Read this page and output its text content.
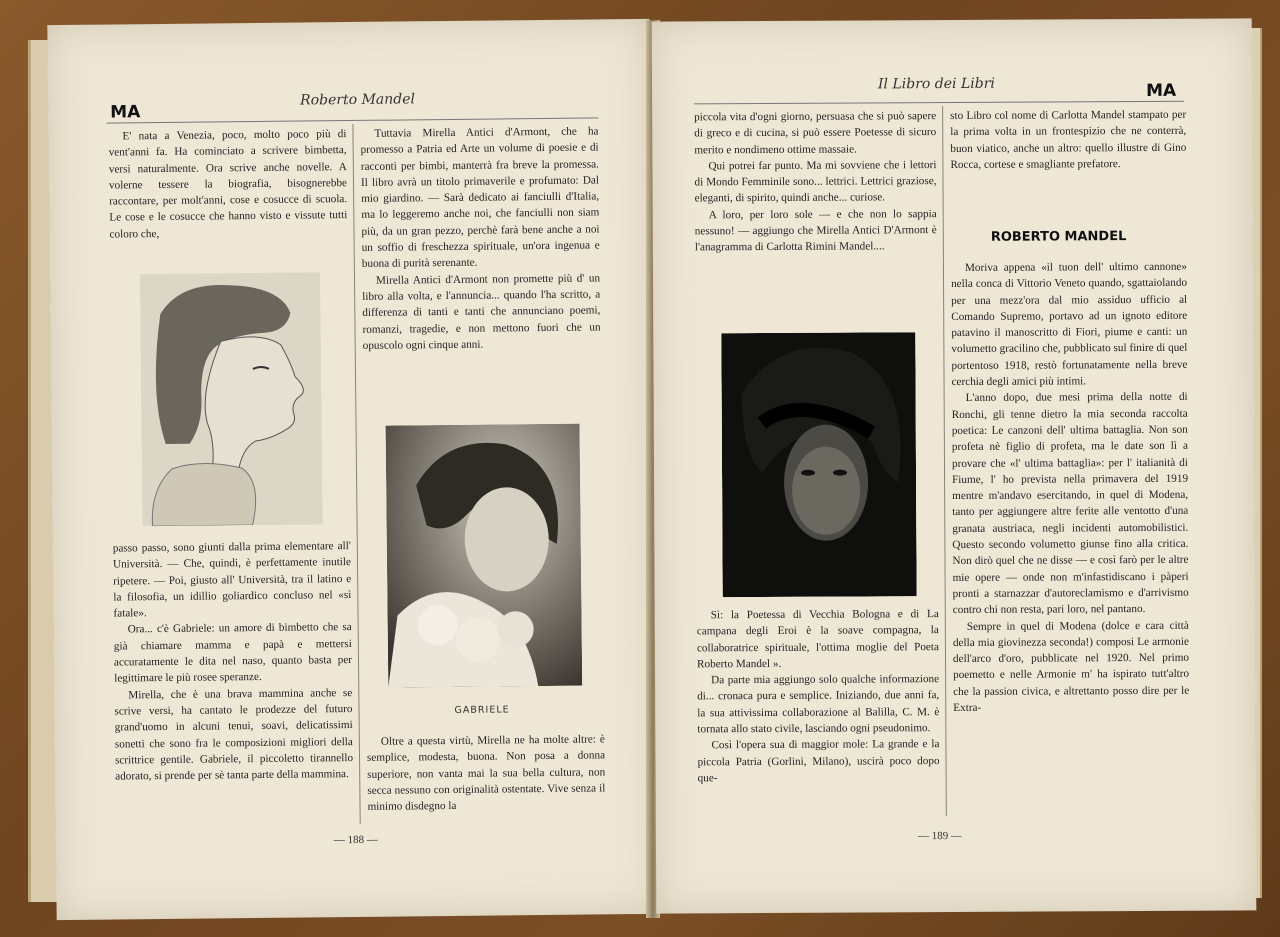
MA
Roberto Mandel

E' nata a Venezia, poco, molto poco più di vent'anni fa. Ha cominciato a scrivere bimbetta, versi naturalmente. Ora scrive anche novelle. A volerne tessere la biografia, bisognerebbe raccontare, per molt'anni, cose e cosucce di scuola. Le cose e le cosucce che hanno visto e vissute tutti coloro che,

passo passo, sono giunti dalla prima elementare all' Università. — Che, quindi, è perfettamente inutile ripetere. — Poi, giusto all' Università, tra il latino e la filosofia, un idillio goliardico concluso nel «sì fatale».

Ora... c'è Gabriele: un amore di bimbetto che sa già chiamare mamma e papà e mettersi accuratamente le dita nel naso, quanto basta per legittimare le più rosee speranze.

Mirella, che è una brava mammina anche se scrive versi, ha cantato le prodezze del futuro grand'uomo in alcuni tenui, soavi, delicatissimi sonetti che sono fra le composizioni migliori della scrittrice gentile. Gabriele, il piccoletto tirannello adorato, si prende per sè tanta parte della mammina.

Tuttavia Mirella Antici d'Armont, che ha promesso a Patria ed Arte un volume di poesie e di racconti per bimbi, manterrà fra breve la promessa. Il libro avrà un titolo primaverile e profumato: Dal mio giardino. — Sarà dedicato ai fanciulli d'Italia, ma lo leggeremo anche noi, che fanciulli non siam più, da un gran pezzo, perchè farà bene anche a noi un soffio di freschezza spirituale, un'ora ingenua e buona di purità serenante.

Mirella Antici d'Armont non promette più d' un libro alla volta, e l'annuncia... quando l'ha scritto, a differenza di tanti e tanti che annunciano poemi, romanzi, tragedie, e non mettono fuori che un opuscolo ogni cinque anni.

GABRIELE

Oltre a questa virtù, Mirella ne ha molte altre: è semplice, modesta, buona. Non posa a donna superiore, non vanta mai la sua bella cultura, non secca nessuno con originalità ostentate. Vive senza il minimo disdegno la

— 188 —
Il Libro dei Libri	MA

piccola vita d'ogni giorno, persuasa che si può sapere di greco e di cucina, si può essere Poetesse di sicuro merito e nondimeno ottime massaie.

Qui potrei far punto. Ma mi sovviene che i lettori di Mondo Femminile sono... lettrici. Lettrici graziose, eleganti, di spirito, quindi anche... curiose.

A loro, per loro sole — e che non lo sappia nessuno! — aggiungo che Mirella Antici D'Armont è l'anagramma di Carlotta Rimini Mandel....

Sì: la Poetessa di Vecchia Bologna e di La campana degli Eroi è la soave compagna, la collaboratrice spirituale, l'ottima moglie del Poeta Roberto Mandel ».

Da parte mia aggiungo solo qualche informazione di... cronaca pura e semplice. Iniziando, due anni fa, la sua attivissima collaborazione al Balilla, C. M. è tornata allo stato civile, lasciando ogni pseudonimo.

Così l'opera sua di maggior mole: La grande e la piccola Patria (Gorlini, Milano), uscirà poco dopo que-

sto Libro col nome di Carlotta Mandel stampato per la prima volta in un frontespizio che ne conterrà, buon viatico, anche un altro: quello illustre di Gino Rocca, cortese e smagliante prefatore.

ROBERTO MANDEL

Moriva appena «il tuon dell' ultimo cannone» nella conca di Vittorio Veneto quando, sgattaiolando per una mezz'ora dal mio assiduo ufficio al Comando Supremo, portavo ad un ignoto editore patavino il manoscritto di Fiori, piume e canti: un volumetto gracilino che, pubblicato sul finire di quel portentoso 1918, restò fortunatamente nella breve cerchia degli amici più intimi.

L'anno dopo, due mesi prima della notte di Ronchi, gli tenne dietro la mia seconda raccolta poetica: Le canzoni dell' ultima battaglia. Non son profeta nè figlio di profeta, ma le date son lì a provare che «l' ultima battaglia»: per l' italianità di Fiume, l' ho prevista nella primavera del 1919 mentre m'andavo esercitando, in quel di Modena, tanto per aggiungere altre ferite alle ventotto d'una granata austriaca, negli incidenti automobilistici. Questo secondo volumetto giunse fino alla critica. Non dirò quel che ne disse — e così farò per le altre mie opere — onde non m'infastidiscano i pàperi pronti a starnazzar d'autoreclamismo e d'arrivismo contro chi non resta, pari loro, nel pantano.

Sempre in quel di Modena (dolce e cara città della mia giovinezza seconda!) composi Le armonie dell'arco d'oro, pubblicate nel 1920. Nel primo poemetto e nelle Armonie m' ha ispirato tutt'altro che la passion civica, e altrettanto posso dire per le Extra-

— 189 —
